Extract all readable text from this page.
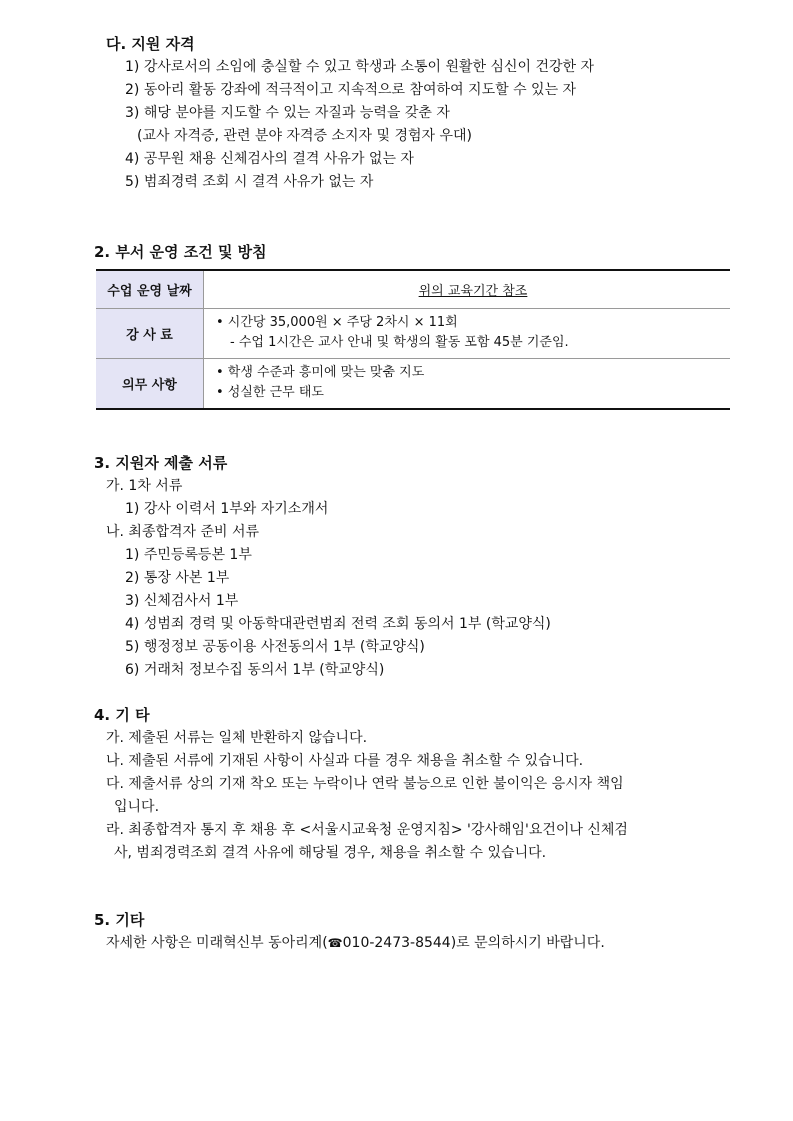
다. 지원 자격
1) 강사로서의 소임에 충실할 수 있고 학생과 소통이 원활한 심신이 건강한 자
2) 동아리 활동 강좌에 적극적이고 지속적으로 참여하여 지도할 수 있는 자
3) 해당 분야를 지도할 수 있는 자질과 능력을 갖춘 자
(교사 자격증, 관련 분야 자격증 소지자 및 경험자 우대)
4) 공무원 채용 신체검사의 결격 사유가 없는 자
5) 범죄경력 조회 시 결격 사유가 없는 자
2. 부서 운영 조건 및 방침
수업 운영 날짜	위의 교육기간 참조
강 사 료	• 시간당 35,000원 × 주당 2차시 × 11회
- 수업 1시간은 교사 안내 및 학생의 활동 포함 45분 기준임.

의무 사항	• 학생 수준과 흥미에 맞는 맞춤 지도
• 성실한 근무 태도
3. 지원자 제출 서류
가. 1차 서류
1) 강사 이력서 1부와 자기소개서
나. 최종합격자 준비 서류
1) 주민등록등본 1부
2) 통장 사본 1부
3) 신체검사서 1부
4) 성범죄 경력 및 아동학대관련범죄 전력 조회 동의서 1부 (학교양식)
5) 행정정보 공동이용 사전동의서 1부 (학교양식)
6) 거래처 정보수집 동의서 1부 (학교양식)
4. 기 타
가. 제출된 서류는 일체 반환하지 않습니다.
나. 제출된 서류에 기재된 사항이 사실과 다를 경우 채용을 취소할 수 있습니다.
다. 제출서류 상의 기재 착오 또는 누락이나 연락 불능으로 인한 불이익은 응시자 책임
입니다.
라. 최종합격자 통지 후 채용 후 <서울시교육청 운영지침> '강사해임'요건이나 신체검
사, 범죄경력조회 결격 사유에 해당될 경우, 채용을 취소할 수 있습니다.
5. 기타
자세한 사항은 미래혁신부 동아리계(☎010-2473-8544)로 문의하시기 바랍니다.
